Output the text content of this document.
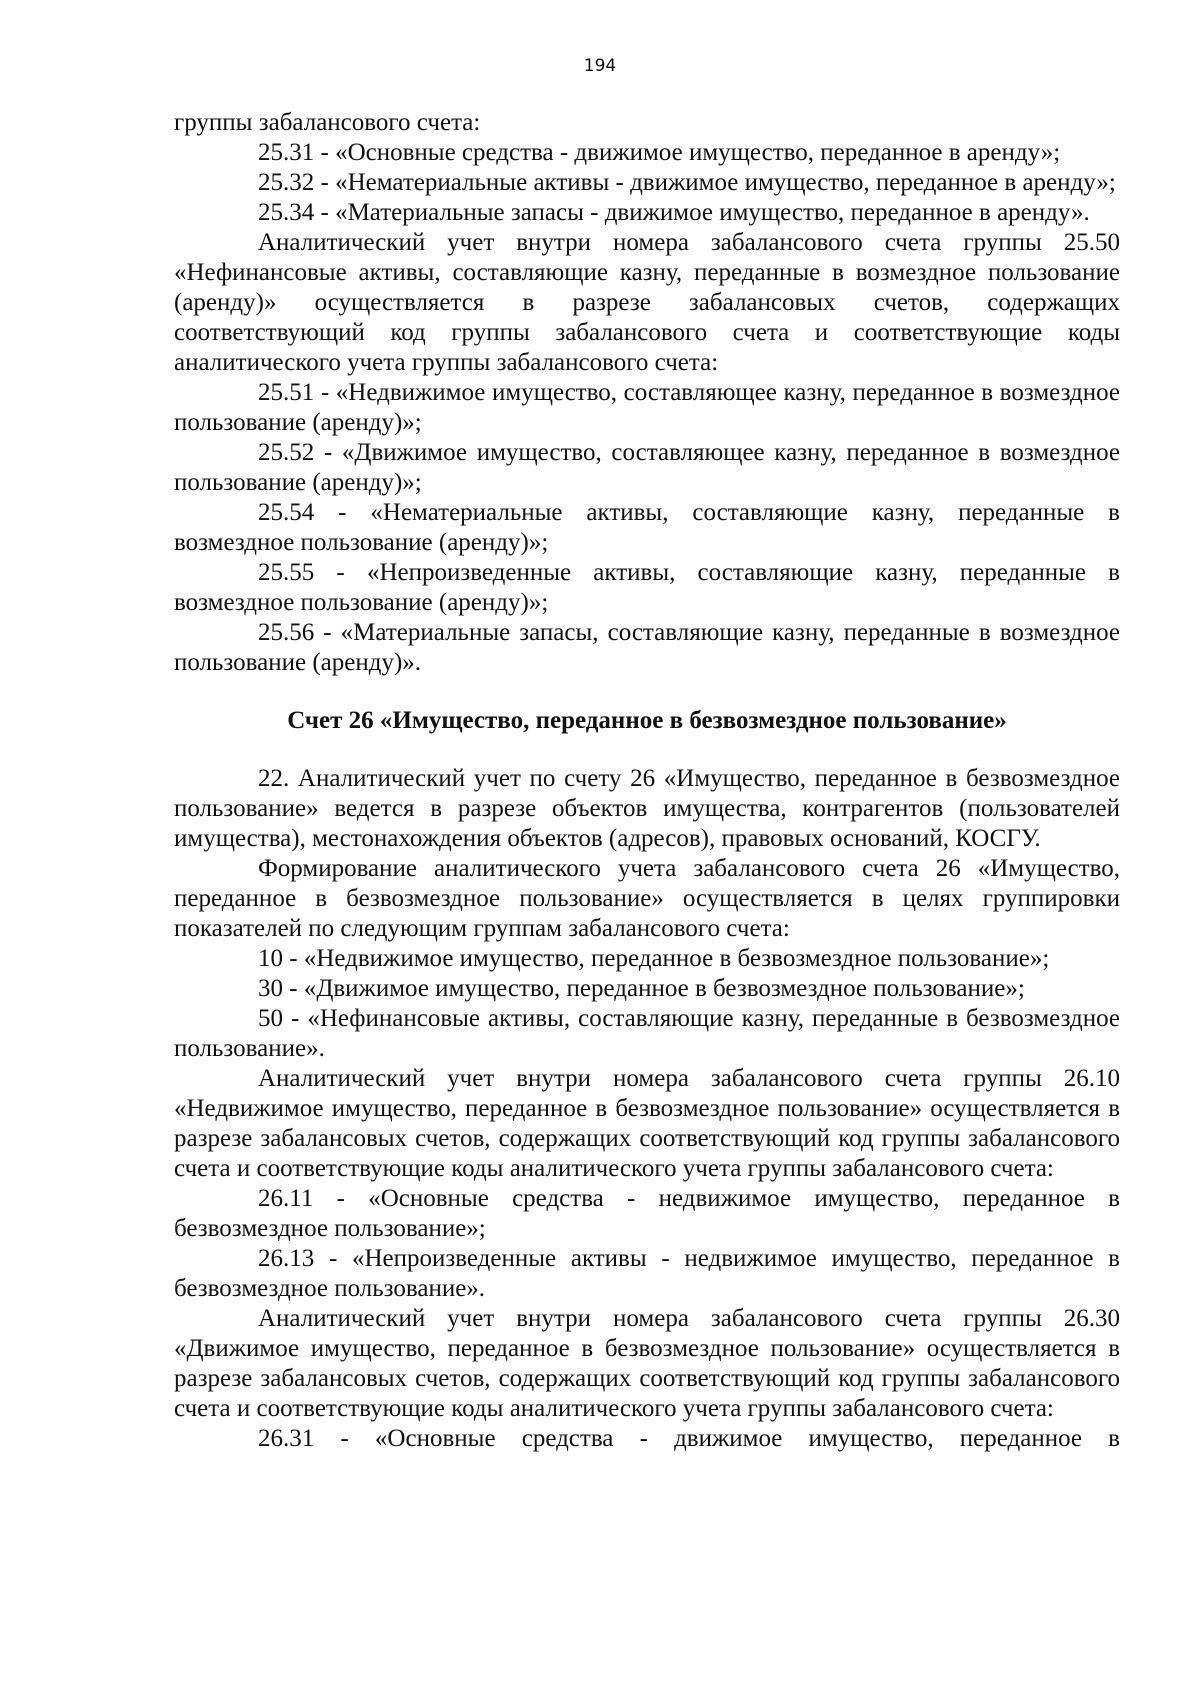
194

группы забалансового счета:

25.31 - «Основные средства - движимое имущество, переданное в аренду»;

25.32 - «Нематериальные активы - движимое имущество, переданное в аренду»;

25.34 - «Материальные запасы - движимое имущество, переданное в аренду».

Аналитический учет внутри номера забалансового счета группы 25.50 «Нефинансовые активы, составляющие казну, переданные в возмездное пользование (аренду)» осуществляется в разрезе забалансовых счетов, содержащих соответствующий код группы забалансового счета и соответствующие коды аналитического учета группы забалансового счета:

25.51 - «Недвижимое имущество, составляющее казну, переданное в возмездное пользование (аренду)»;

25.52 - «Движимое имущество, составляющее казну, переданное в возмездное пользование (аренду)»;

25.54 - «Нематериальные активы, составляющие казну, переданные в возмездное пользование (аренду)»;

25.55 - «Непроизведенные активы, составляющие казну, переданные в возмездное пользование (аренду)»;

25.56 - «Материальные запасы, составляющие казну, переданные в возмездное пользование (аренду)».

Счет 26 «Имущество, переданное в безвозмездное пользование»

22. Аналитический учет по счету 26 «Имущество, переданное в безвозмездное пользование» ведется в разрезе объектов имущества, контрагентов (пользователей имущества), местонахождения объектов (адресов), правовых оснований, КОСГУ.

Формирование аналитического учета забалансового счета 26 «Имущество, переданное в безвозмездное пользование» осуществляется в целях группировки показателей по следующим группам забалансового счета:

10 - «Недвижимое имущество, переданное в безвозмездное пользование»;

30 - «Движимое имущество, переданное в безвозмездное пользование»;

50 - «Нефинансовые активы, составляющие казну, переданные в безвозмездное пользование».

Аналитический учет внутри номера забалансового счета группы 26.10 «Недвижимое имущество, переданное в безвозмездное пользование» осуществляется в разрезе забалансовых счетов, содержащих соответствующий код группы забалансового счета и соответствующие коды аналитического учета группы забалансового счета:

26.11 - «Основные средства - недвижимое имущество, переданное в безвозмездное пользование»;

26.13 - «Непроизведенные активы - недвижимое имущество, переданное в безвозмездное пользование».

Аналитический учет внутри номера забалансового счета группы 26.30 «Движимое имущество, переданное в безвозмездное пользование» осуществляется в разрезе забалансовых счетов, содержащих соответствующий код группы забалансового счета и соответствующие коды аналитического учета группы забалансового счета:

26.31 - «Основные средства - движимое имущество, переданное в
